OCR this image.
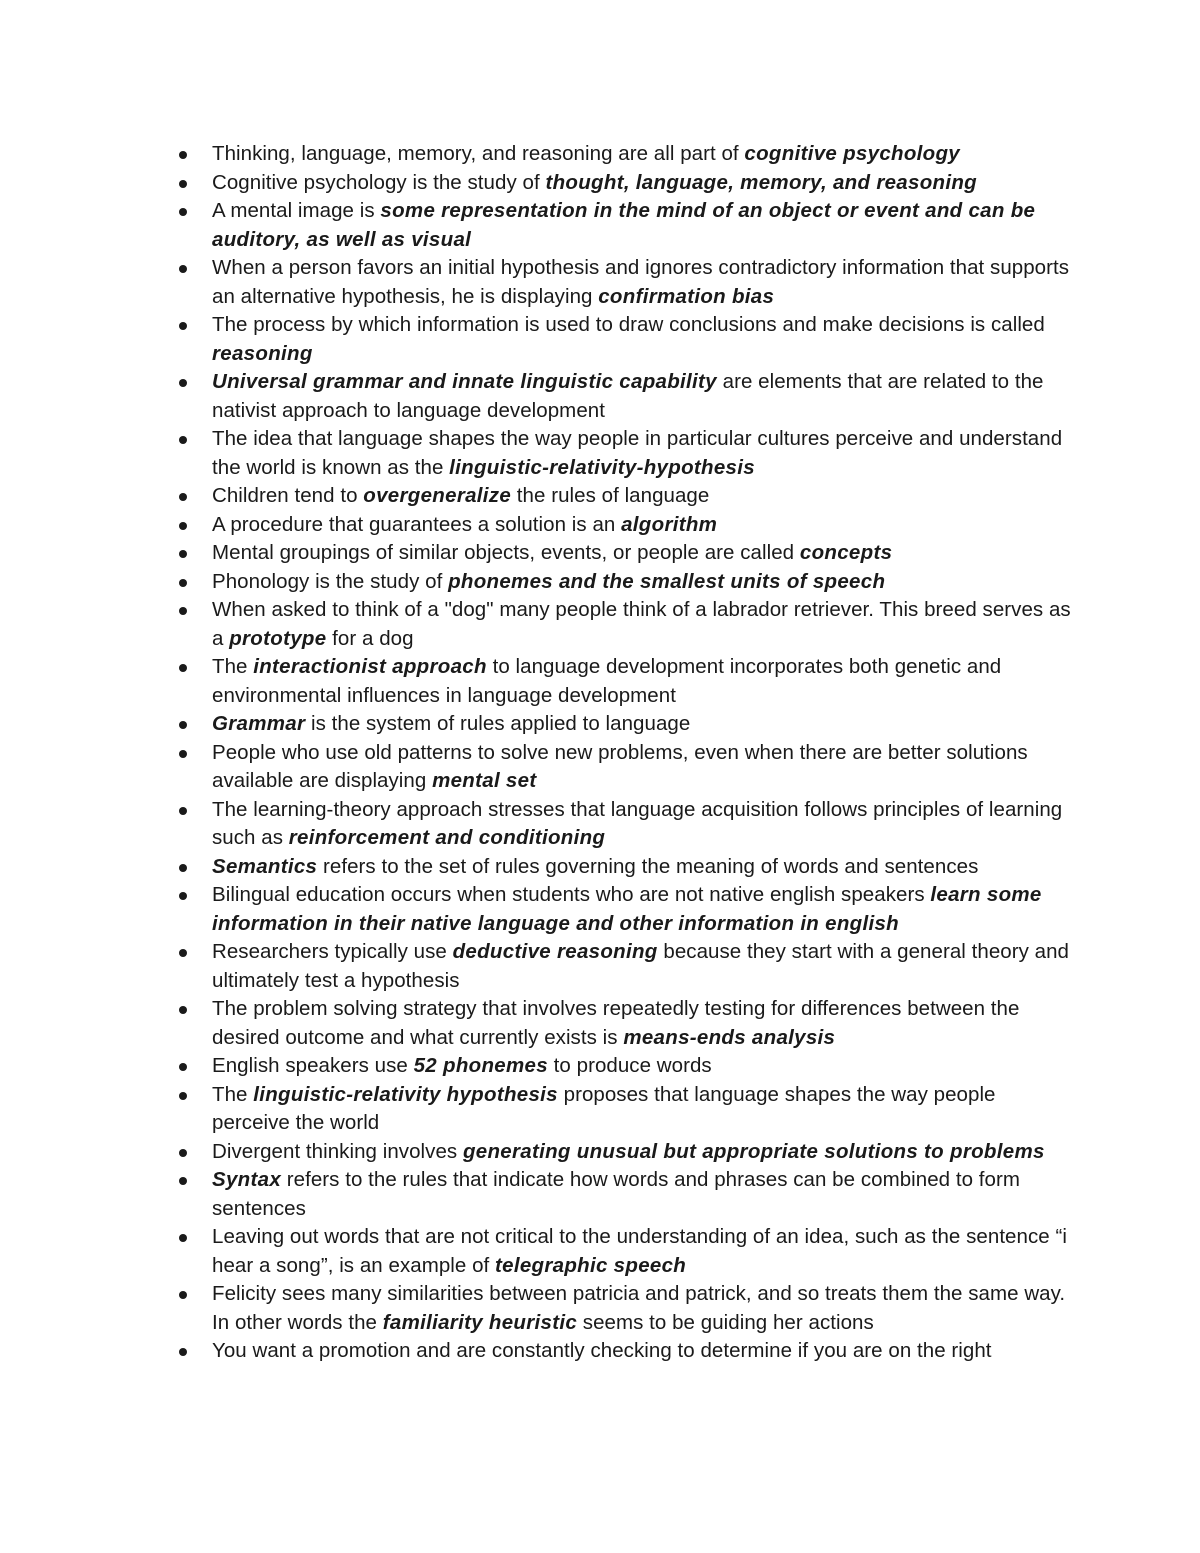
Thinking, language, memory, and reasoning are all part of cognitive psychology
Cognitive psychology is the study of thought, language, memory, and reasoning
A mental image is some representation in the mind of an object or event and can be auditory, as well as visual
When a person favors an initial hypothesis and ignores contradictory information that supports an alternative hypothesis, he is displaying confirmation bias
The process by which information is used to draw conclusions and make decisions is called reasoning
Universal grammar and innate linguistic capability are elements that are related to the nativist approach to language development
The idea that language shapes the way people in particular cultures perceive and understand the world is known as the linguistic-relativity-hypothesis
Children tend to overgeneralize the rules of language
A procedure that guarantees a solution is an algorithm
Mental groupings of similar objects, events, or people are called concepts
Phonology is the study of phonemes and the smallest units of speech
When asked to think of a "dog" many people think of a labrador retriever. This breed serves as a prototype for a dog
The interactionist approach to language development incorporates both genetic and environmental influences in language development
Grammar is the system of rules applied to language
People who use old patterns to solve new problems, even when there are better solutions available are displaying mental set
The learning-theory approach stresses that language acquisition follows principles of learning such as reinforcement and conditioning
Semantics refers to the set of rules governing the meaning of words and sentences
Bilingual education occurs when students who are not native english speakers learn some information in their native language and other information in english
Researchers typically use deductive reasoning because they start with a general theory and ultimately test a hypothesis
The problem solving strategy that involves repeatedly testing for differences between the desired outcome and what currently exists is means-ends analysis
English speakers use 52 phonemes to produce words
The linguistic-relativity hypothesis proposes that language shapes the way people perceive the world
Divergent thinking involves generating unusual but appropriate solutions to problems
Syntax refers to the rules that indicate how words and phrases can be combined to form sentences
Leaving out words that are not critical to the understanding of an idea, such as the sentence “i hear a song”, is an example of telegraphic speech
Felicity sees many similarities between patricia and patrick, and so treats them the same way. In other words the familiarity heuristic seems to be guiding her actions
You want a promotion and are constantly checking to determine if you are on the right
